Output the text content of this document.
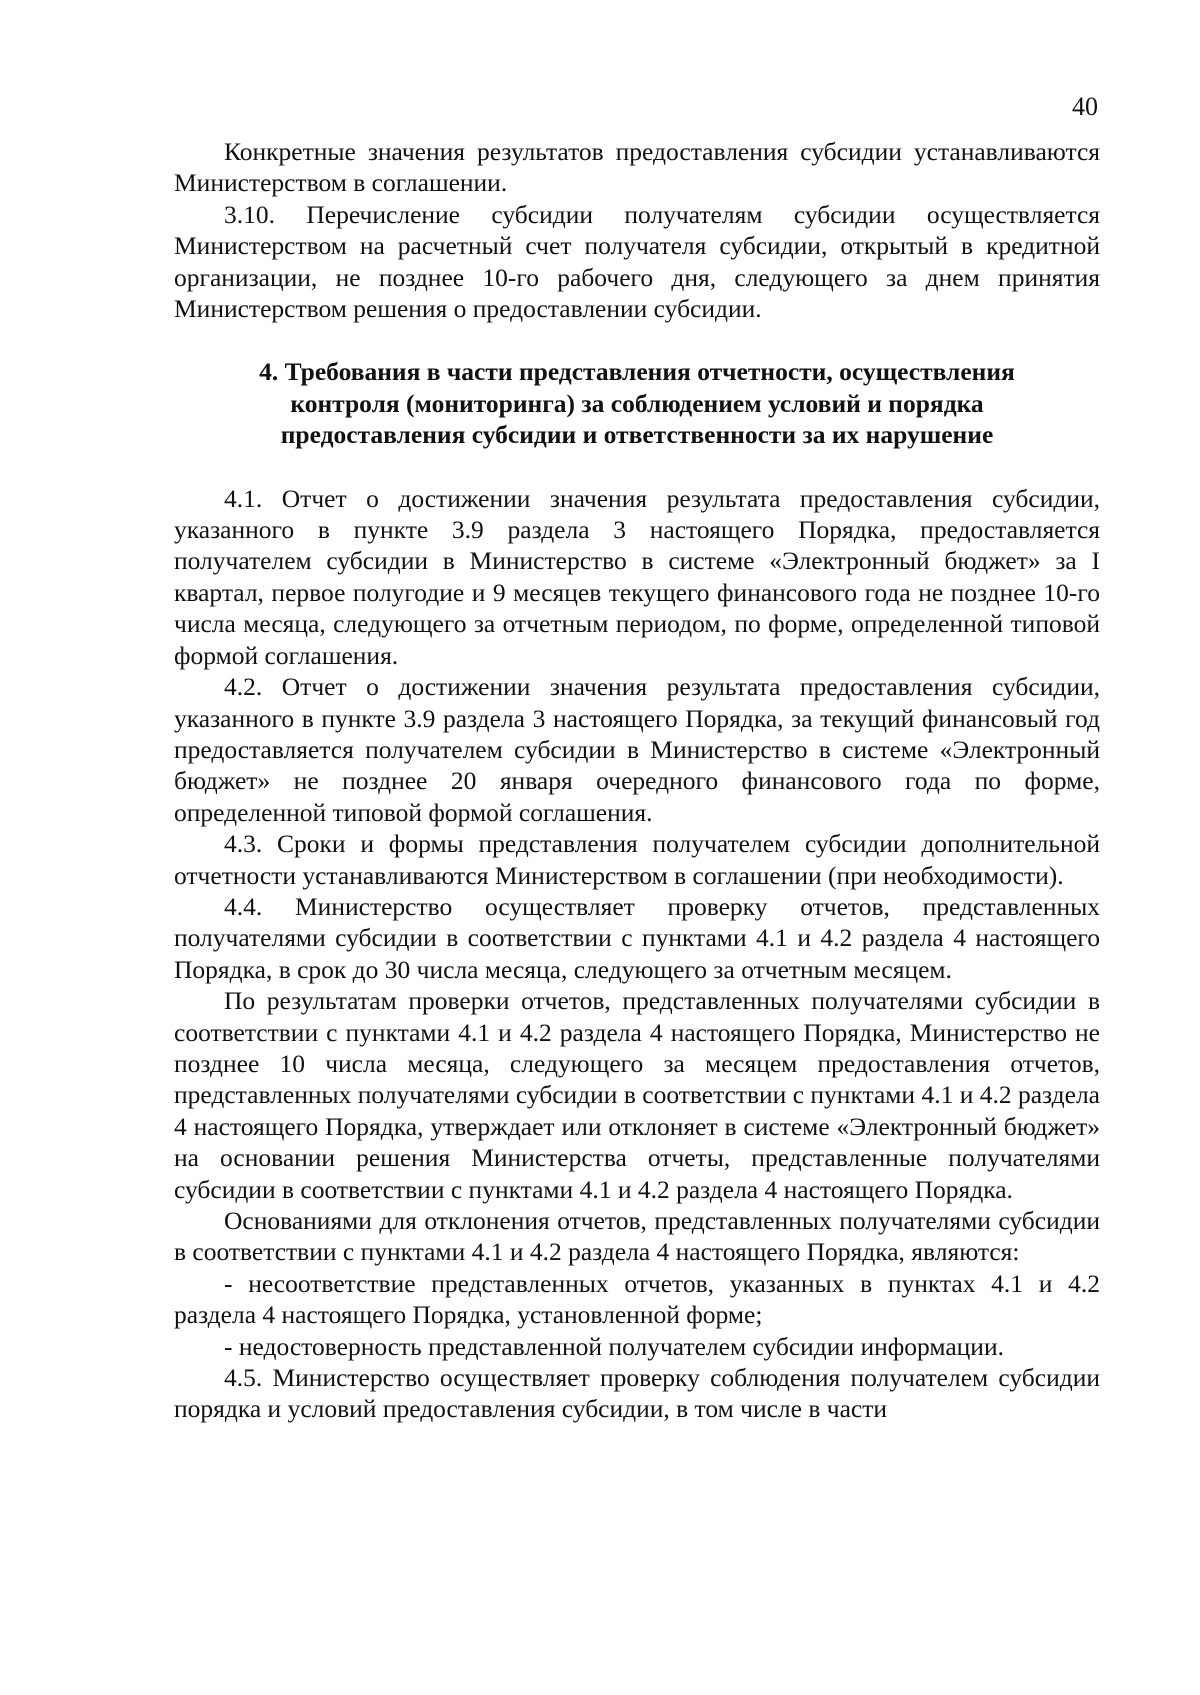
40

Конкретные значения результатов предоставления субсидии устанавливаются Министерством в соглашении.

3.10. Перечисление субсидии получателям субсидии осуществляется Министерством на расчетный счет получателя субсидии, открытый в кредитной организации, не позднее 10-го рабочего дня, следующего за днем принятия Министерством решения о предоставлении субсидии.

4. Требования в части представления отчетности, осуществления
контроля (мониторинга) за соблюдением условий и порядка
предоставления субсидии и ответственности за их нарушение

4.1. Отчет о достижении значения результата предоставления субсидии, указанного в пункте 3.9 раздела 3 настоящего Порядка, предоставляется получателем субсидии в Министерство в системе «Электронный бюджет» за I квартал, первое полугодие и 9 месяцев текущего финансового года не позднее 10-го числа месяца, следующего за отчетным периодом, по форме, определенной типовой формой соглашения.

4.2. Отчет о достижении значения результата предоставления субсидии, указанного в пункте 3.9 раздела 3 настоящего Порядка, за текущий финансовый год предоставляется получателем субсидии в Министерство в системе «Электронный бюджет» не позднее 20 января очередного финансового года по форме, определенной типовой формой соглашения.

4.3. Сроки и формы представления получателем субсидии дополнительной отчетности устанавливаются Министерством в соглашении (при необходимости).

4.4. Министерство осуществляет проверку отчетов, представленных получателями субсидии в соответствии с пунктами 4.1 и 4.2 раздела 4 настоящего Порядка, в срок до 30 числа месяца, следующего за отчетным месяцем.

По результатам проверки отчетов, представленных получателями субсидии в соответствии с пунктами 4.1 и 4.2 раздела 4 настоящего Порядка, Министерство не позднее 10 числа месяца, следующего за месяцем предоставления отчетов, представленных получателями субсидии в соответствии с пунктами 4.1 и 4.2 раздела 4 настоящего Порядка, утверждает или отклоняет в системе «Электронный бюджет» на основании решения Министерства отчеты, представленные получателями субсидии в соответствии с пунктами 4.1 и 4.2 раздела 4 настоящего Порядка.

Основаниями для отклонения отчетов, представленных получателями субсидии в соответствии с пунктами 4.1 и 4.2 раздела 4 настоящего Порядка, являются:

- несоответствие представленных отчетов, указанных в пунктах 4.1 и 4.2 раздела 4 настоящего Порядка, установленной форме;

- недостоверность представленной получателем субсидии информации.

4.5. Министерство осуществляет проверку соблюдения получателем субсидии порядка и условий предоставления субсидии, в том числе в части
